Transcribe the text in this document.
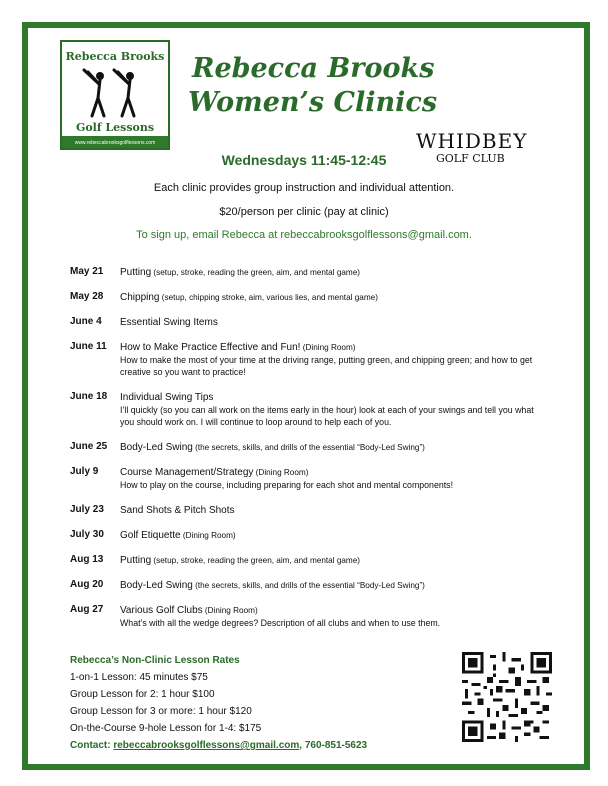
Rebecca Brooks
Golf Lessons
www.rebeccabrooksgolflessons.com
Rebecca Brooks
Women’s Clinics
WHIDBEY
GOLF CLUB
Wednesdays 11:45-12:45
Each clinic provides group instruction and individual attention.
$20/person per clinic (pay at clinic)
To sign up, email Rebecca at rebeccabrooksgolflessons@gmail.com.
May 21 Putting (setup, stroke, reading the green, aim, and mental game)
May 28 Chipping (setup, chipping stroke, aim, various lies, and mental game)
June 4 Essential Swing Items
June 11 How to Make Practice Effective and Fun! (Dining Room)
How to make the most of your time at the driving range, putting green, and chipping green; and how to get creative so you want to practice!
June 18 Individual Swing Tips
I’ll quickly (so you can all work on the items early in the hour) look at each of your swings and tell you what you should work on. I will continue to loop around to help each of you.
June 25 Body-Led Swing (the secrets, skills, and drills of the essential “Body-Led Swing”)
July 9 Course Management/Strategy (Dining Room)
How to play on the course, including preparing for each shot and mental components!
July 23 Sand Shots & Pitch Shots
July 30 Golf Etiquette (Dining Room)
Aug 13 Putting (setup, stroke, reading the green, aim, and mental game)
Aug 20 Body-Led Swing (the secrets, skills, and drills of the essential “Body-Led Swing”)
Aug 27 Various Golf Clubs (Dining Room)
What’s with all the wedge degrees? Description of all clubs and when to use them.
Rebecca’s Non-Clinic Lesson Rates
1-on-1 Lesson: 45 minutes $75
Group Lesson for 2: 1 hour $100
Group Lesson for 3 or more: 1 hour $120
On-the-Course 9-hole Lesson for 1-4: $175
Contact: rebeccabrooksgolflessons@gmail.com, 760-851-5623
